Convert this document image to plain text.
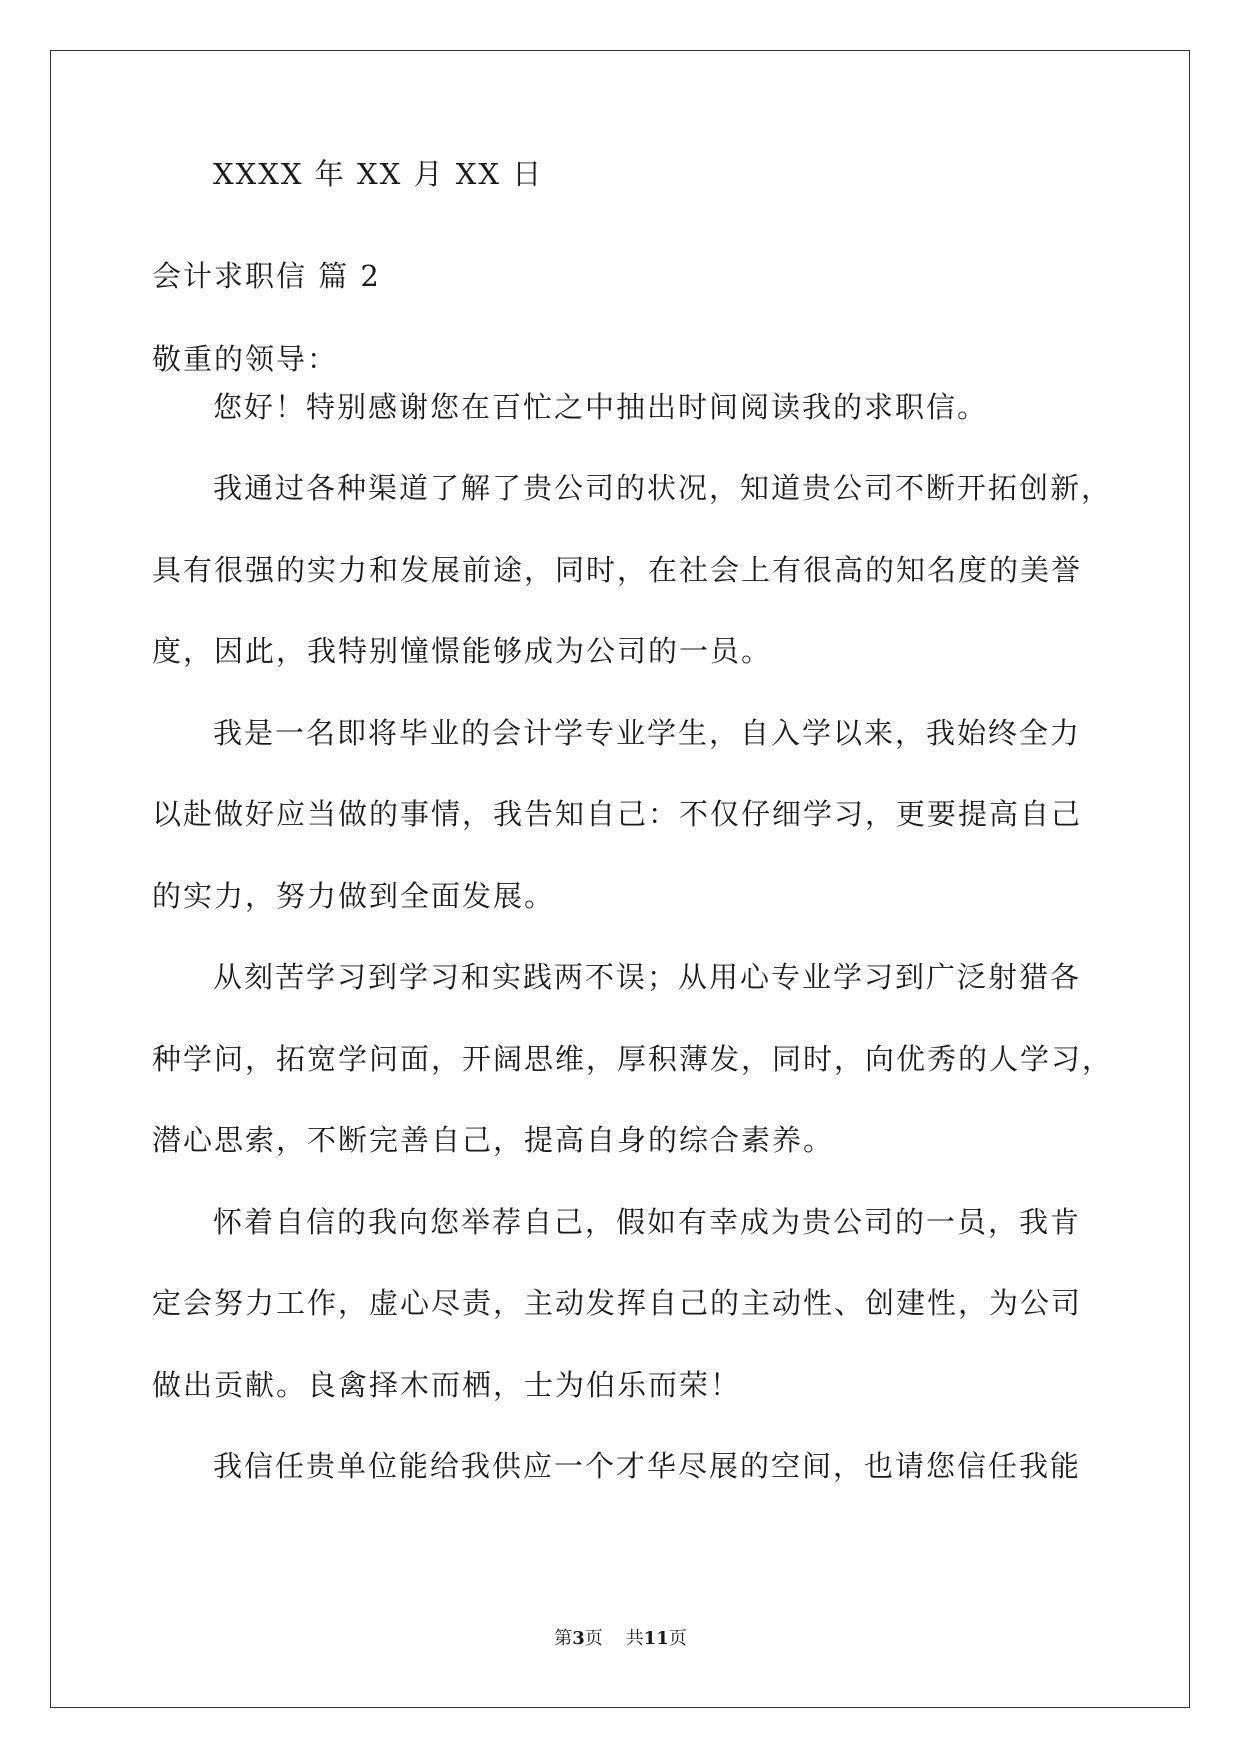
XXXX 年 XX 月 XX 日
会计求职信 篇 2
敬重的领导：
您好！特别感谢您在百忙之中抽出时间阅读我的求职信。
我通过各种渠道了解了贵公司的状况，知道贵公司不断开拓创新，
具有很强的实力和发展前途，同时，在社会上有很高的知名度的美誉
度，因此，我特别憧憬能够成为公司的一员。
我是一名即将毕业的会计学专业学生，自入学以来，我始终全力
以赴做好应当做的事情，我告知自己：不仅仔细学习，更要提高自己
的实力，努力做到全面发展。
从刻苦学习到学习和实践两不误；从用心专业学习到广泛射猎各
种学问，拓宽学问面，开阔思维，厚积薄发，同时，向优秀的人学习，
潜心思索，不断完善自己，提高自身的综合素养。
怀着自信的我向您举荐自己，假如有幸成为贵公司的一员，我肯
定会努力工作，虚心尽责，主动发挥自己的主动性、创建性，为公司
做出贡献。良禽择木而栖，士为伯乐而荣！
我信任贵单位能给我供应一个才华尽展的空间，也请您信任我能
第3页 共11页
